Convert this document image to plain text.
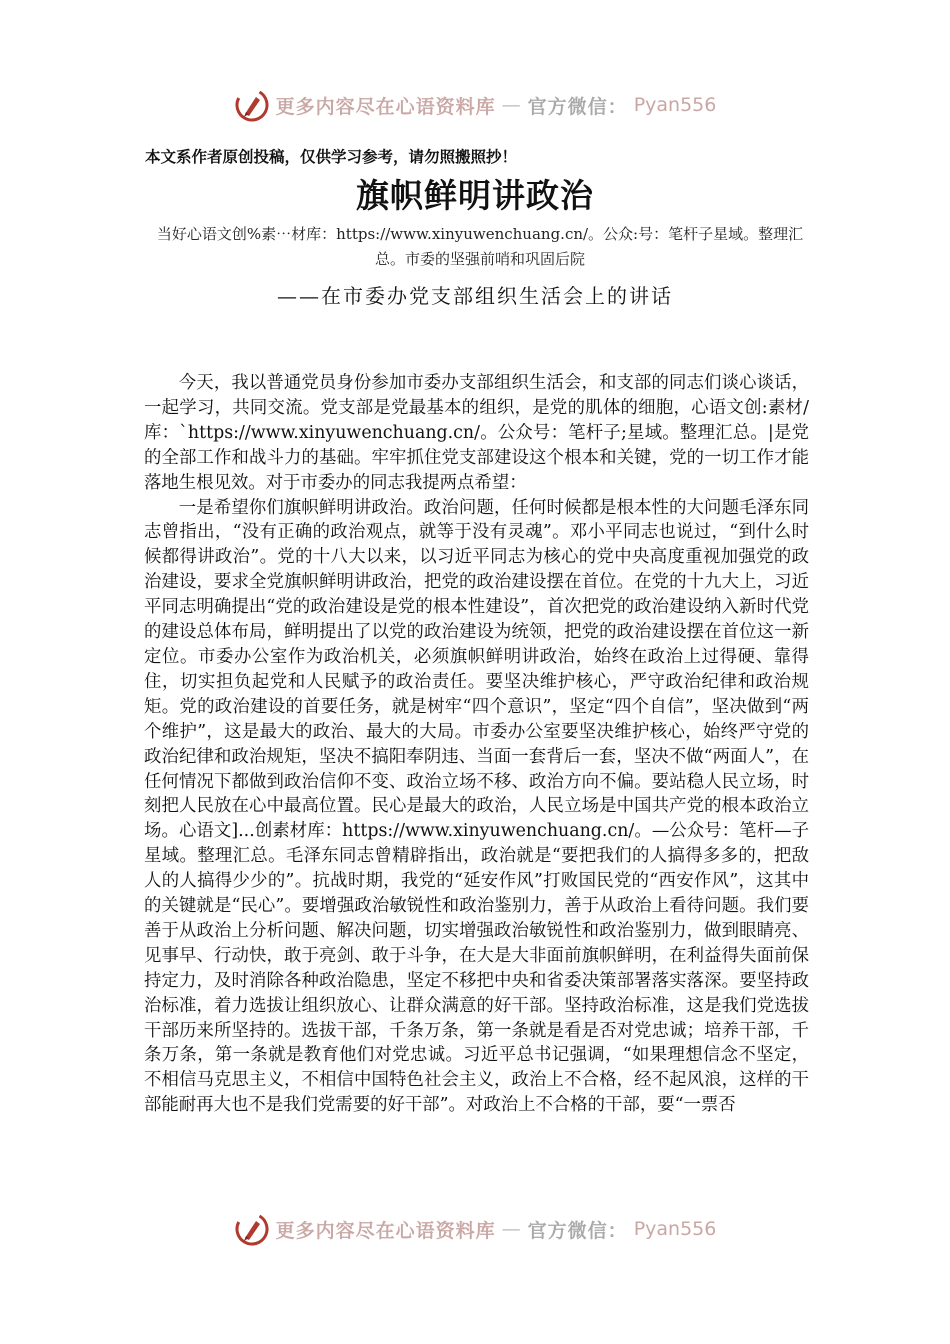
更多内容尽在心语资料库 — 官方微信： Pyan556
本文系作者原创投稿，仅供学习参考，请勿照搬照抄！
旗帜鲜明讲政治
当好心语文创%素⋯材库：https://www.xinyuwenchuang.cn/。公众:号：笔杆子星域。整理汇总。市委的坚强前哨和巩固后院
——在市委办党支部组织生活会上的讲话

今天，我以普通党员身份参加市委办支部组织生活会，和支部的同志们谈心谈话，一起学习，共同交流。党支部是党最基本的组织，是党的肌体的细胞，心语文创:素材/库：`https://www.xinyuwenchuang.cn/。公众号：笔杆子;星域。整理汇总。|是党的全部工作和战斗力的基础。牢牢抓住党支部建设这个根本和关键，党的一切工作才能落地生根见效。对于市委办的同志我提两点希望：

一是希望你们旗帜鲜明讲政治。政治问题，任何时候都是根本性的大问题毛泽东同志曾指出，“没有正确的政治观点，就等于没有灵魂”。邓小平同志也说过，“到什么时候都得讲政治”。党的十八大以来，以习近平同志为核心的党中央高度重视加强党的政治建设，要求全党旗帜鲜明讲政治，把党的政治建设摆在首位。在党的十九大上，习近平同志明确提出“党的政治建设是党的根本性建设”，首次把党的政治建设纳入新时代党的建设总体布局，鲜明提出了以党的政治建设为统领，把党的政治建设摆在首位这一新定位。市委办公室作为政治机关，必须旗帜鲜明讲政治，始终在政治上过得硬、靠得住，切实担负起党和人民赋予的政治责任。要坚决维护核心，严守政治纪律和政治规矩。党的政治建设的首要任务，就是树牢“四个意识”，坚定“四个自信”，坚决做到“两个维护”，这是最大的政治、最大的大局。市委办公室要坚决维护核心，始终严守党的政治纪律和政治规矩，坚决不搞阳奉阴违、当面一套背后一套，坚决不做“两面人”，在任何情况下都做到政治信仰不变、政治立场不移、政治方向不偏。要站稳人民立场，时刻把人民放在心中最高位置。民心是最大的政治，人民立场是中国共产党的根本政治立场。心语文]...创素材库：https://www.xinyuwenchuang.cn/。—公众号：笔杆—子星域。整理汇总。毛泽东同志曾精辟指出，政治就是“要把我们的人搞得多多的，把敌人的人搞得少少的”。抗战时期，我党的“延安作风”打败国民党的“西安作风”，这其中的关键就是“民心”。要增强政治敏锐性和政治鉴别力，善于从政治上看待问题。我们要善于从政治上分析问题、解决问题，切实增强政治敏锐性和政治鉴别力，做到眼睛亮、见事早、行动快，敢于亮剑、敢于斗争，在大是大非面前旗帜鲜明，在利益得失面前保持定力，及时消除各种政治隐患，坚定不移把中央和省委决策部署落实落深。要坚持政治标准，着力选拔让组织放心、让群众满意的好干部。坚持政治标准，这是我们党选拔干部历来所坚持的。选拔干部，千条万条，第一条就是看是否对党忠诚；培养干部，千条万条，第一条就是教育他们对党忠诚。习近平总书记强调，“如果理想信念不坚定，不相信马克思主义，不相信中国特色社会主义，政治上不合格，经不起风浪，这样的干部能耐再大也不是我们党需要的好干部”。对政治上不合格的干部，要“一票否

更多内容尽在心语资料库 — 官方微信： Pyan556
